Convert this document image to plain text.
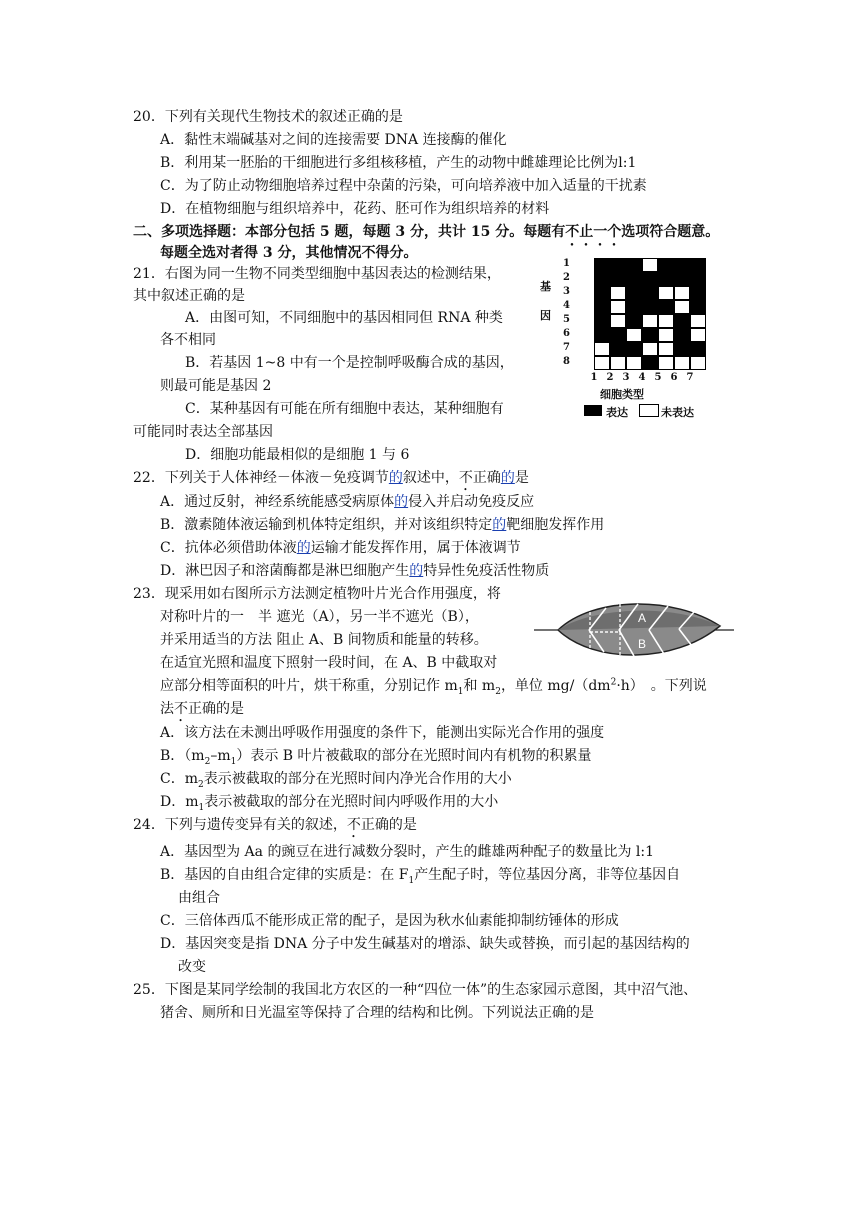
20．下列有关现代生物技术的叙述正确的是
A．黏性末端碱基对之间的连接需要 DNA 连接酶的催化
B．利用某一胚胎的干细胞进行多组核移植，产生的动物中雌雄理论比例为l:1
C．为了防止动物细胞培养过程中杂菌的污染，可向培养液中加入适量的干扰素
D．在植物细胞与组织培养中，花药、胚可作为组织培养的材料
二、多项选择题：本部分包括 5 题，每题 3 分，共计 15 分。每题有不止一个选项符合题意。
每题全选对者得 3 分，其他情况不得分。
21．右图为同一生物不同类型细胞中基因表达的检测结果，
其中叙述正确的是
A．由图可知，不同细胞中的基因相同但 RNA 种类
各不相同
B．若基因 1~8 中有一个是控制呼吸酶合成的基因，
则最可能是基因 2
C．某种基因有可能在所有细胞中表达，某种细胞有
可能同时表达全部基因
D．细胞功能最相似的是细胞 1 与 6
基
因
1
2
3
4
5
6
7
8
1 2 3 4 5 6 7
细胞类型
表达	未表达
22．下列关于人体神经－体液－免疫调节的叙述中，不正确的是
A．通过反射，神经系统能感受病原体的侵入并启动免疫反应
B．激素随体液运输到机体特定组织，并对该组织特定的靶细胞发挥作用
C．抗体必须借助体液的运输才能发挥作用，属于体液调节
D．淋巴因子和溶菌酶都是淋巴细胞产生的特异性免疫活性物质
23．现采用如右图所示方法测定植物叶片光合作用强度，将
对称叶片的一　半 遮光（A），另一半不遮光（B），
并采用适当的方法 阻止 A、B 间物质和能量的转移。
在适宜光照和温度下照射一段时间，在 A、B 中截取对
应部分相等面积的叶片，烘干称重，分别记作 $m_1$和 $m_2$，单位 $mg/(dm^2\cdot h)$　。下列说
法不正确的是
A．该方法在未测出呼吸作用强度的条件下，能测出实际光合作用的强度
B．$(m_2-m_1)$表示 B 叶片被截取的部分在光照时间内有机物的积累量
C．$m_2$表示被截取的部分在光照时间内净光合作用的大小
D．$m_1$表示被截取的部分在光照时间内呼吸作用的大小
A
B
24．下列与遗传变异有关的叙述，不正确的是
A．基因型为 Aa 的豌豆在进行减数分裂时，产生的雌雄两种配子的数量比为 l:1
B．基因的自由组合定律的实质是：在 $F_1$产生配子时，等位基因分离，非等位基因自
由组合
C．三倍体西瓜不能形成正常的配子，是因为秋水仙素能抑制纺锤体的形成
D．基因突变是指 DNA 分子中发生碱基对的增添、缺失或替换，而引起的基因结构的
改变
25．下图是某同学绘制的我国北方农区的一种“四位一体”的生态家园示意图，其中沼气池、
猪舍、厕所和日光温室等保持了合理的结构和比例。下列说法正确的是
